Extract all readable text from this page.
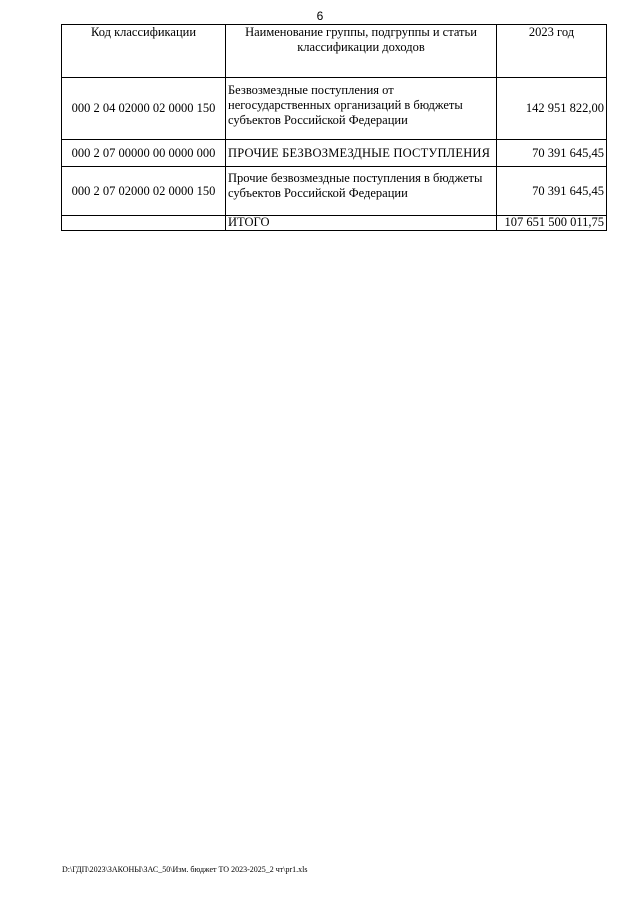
6
Код классификации	Наименование группы, подгруппы и статьи классификации доходов	2023 год
000 2 04 02000 02 0000 150	Безвозмездные поступления от негосударственных организаций в бюджеты субъектов Российской Федерации	142 951 822,00
000 2 07 00000 00 0000 000	ПРОЧИЕ БЕЗВОЗМЕЗДНЫЕ ПОСТУПЛЕНИЯ	70 391 645,45
000 2 07 02000 02 0000 150	Прочие безвозмездные поступления в бюджеты субъектов Российской Федерации	70 391 645,45
	ИТОГО	107 651 500 011,75
D:\ГДП\2023\ЗАКОНЫ\ЗАС_50\Изм. бюджет ТО 2023-2025_2 чт\pr1.xls
